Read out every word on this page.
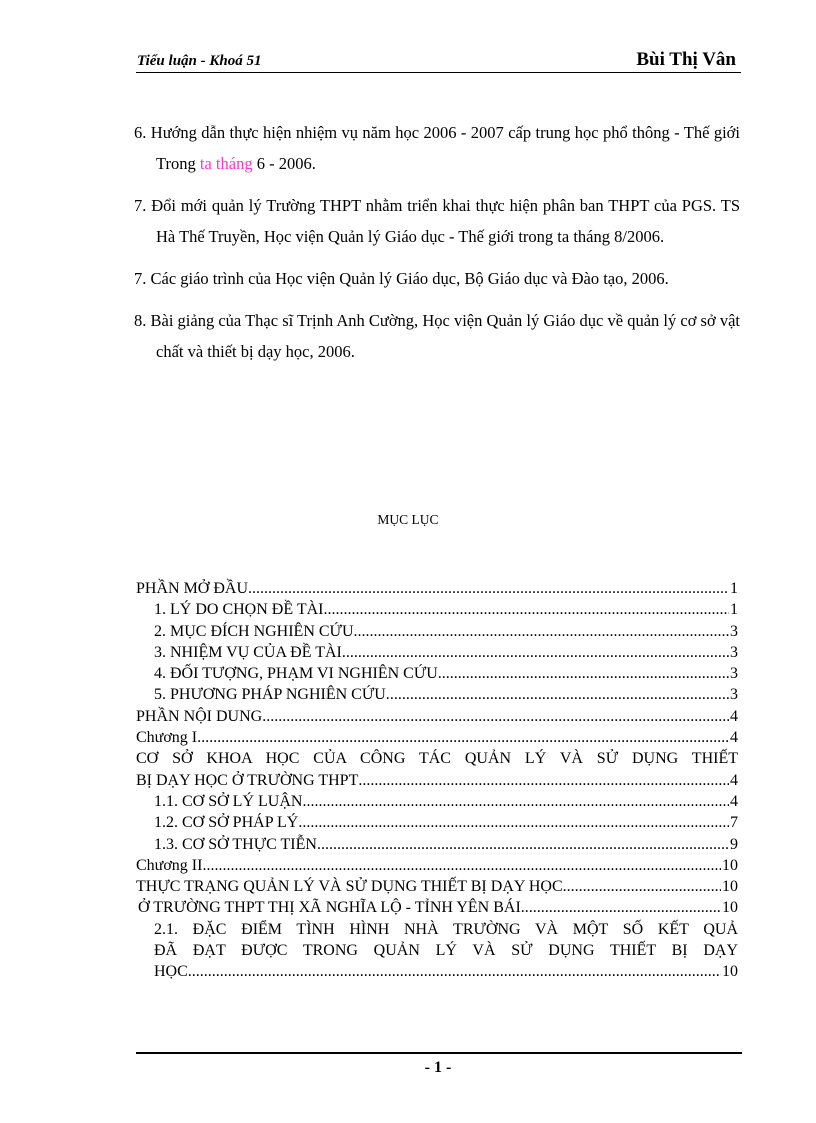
Tiểu luận - Khoá 51	Bùi Thị Vân

6. Hướng dẫn thực hiện nhiệm vụ năm học 2006 - 2007 cấp trung học phổ thông - Thế giới Trong ta tháng 6 - 2006.

7. Đổi mới quản lý Trường THPT nhằm triển khai thực hiện phân ban THPT của PGS. TS Hà Thế Truyền, Học viện Quản lý Giáo dục - Thế giới trong ta tháng 8/2006.

7. Các giáo trình của Học viện Quản lý Giáo dục, Bộ Giáo dục và Đào tạo, 2006.

8. Bài giảng của Thạc sĩ Trịnh Anh Cường, Học viện Quản lý Giáo dục về quản lý cơ sở vật chất và thiết bị dạy học, 2006.

MỤC LỤC
PHẦN MỞ ĐẦU .....	1
1. LÝ DO CHỌN ĐỀ TÀI. .....	1
2. MỤC ĐÍCH NGHIÊN CỨU. .....	3
3. NHIỆM VỤ CỦA ĐỀ TÀI. .....	3
4. ĐỐI TƯỢNG, PHẠM VI NGHIÊN CỨU. .....	3
5. PHƯƠNG PHÁP NGHIÊN CỨU. .....	3
PHẦN NỘI DUNG .....	4
Chương I .....	4
CƠ SỞ KHOA HỌC CỦA CÔNG TÁC QUẢN LÝ VÀ SỬ DỤNG THIẾT
BỊ DẠY HỌC Ở TRƯỜNG THPT .....	4
1.1. CƠ SỞ LÝ LUẬN. .....	4
1.2. CƠ SỞ PHÁP LÝ. .....	7
1.3. CƠ SỞ THỰC TIỄN. .....	9
Chương II .....	10
THỰC TRẠNG QUẢN LÝ VÀ SỬ DỤNG THIẾT BỊ DẠY HỌC .....	10
Ở TRƯỜNG THPT THỊ XÃ NGHĨA LỘ - TỈNH YÊN BÁI .....	10
2.1. ĐẶC ĐIỂM TÌNH HÌNH NHÀ TRƯỜNG VÀ MỘT SỐ KẾT QUẢ
ĐÃ ĐẠT ĐƯỢC TRONG QUẢN LÝ VÀ SỬ DỤNG THIẾT BỊ DẠY
HỌC .....	10
- 1 -
